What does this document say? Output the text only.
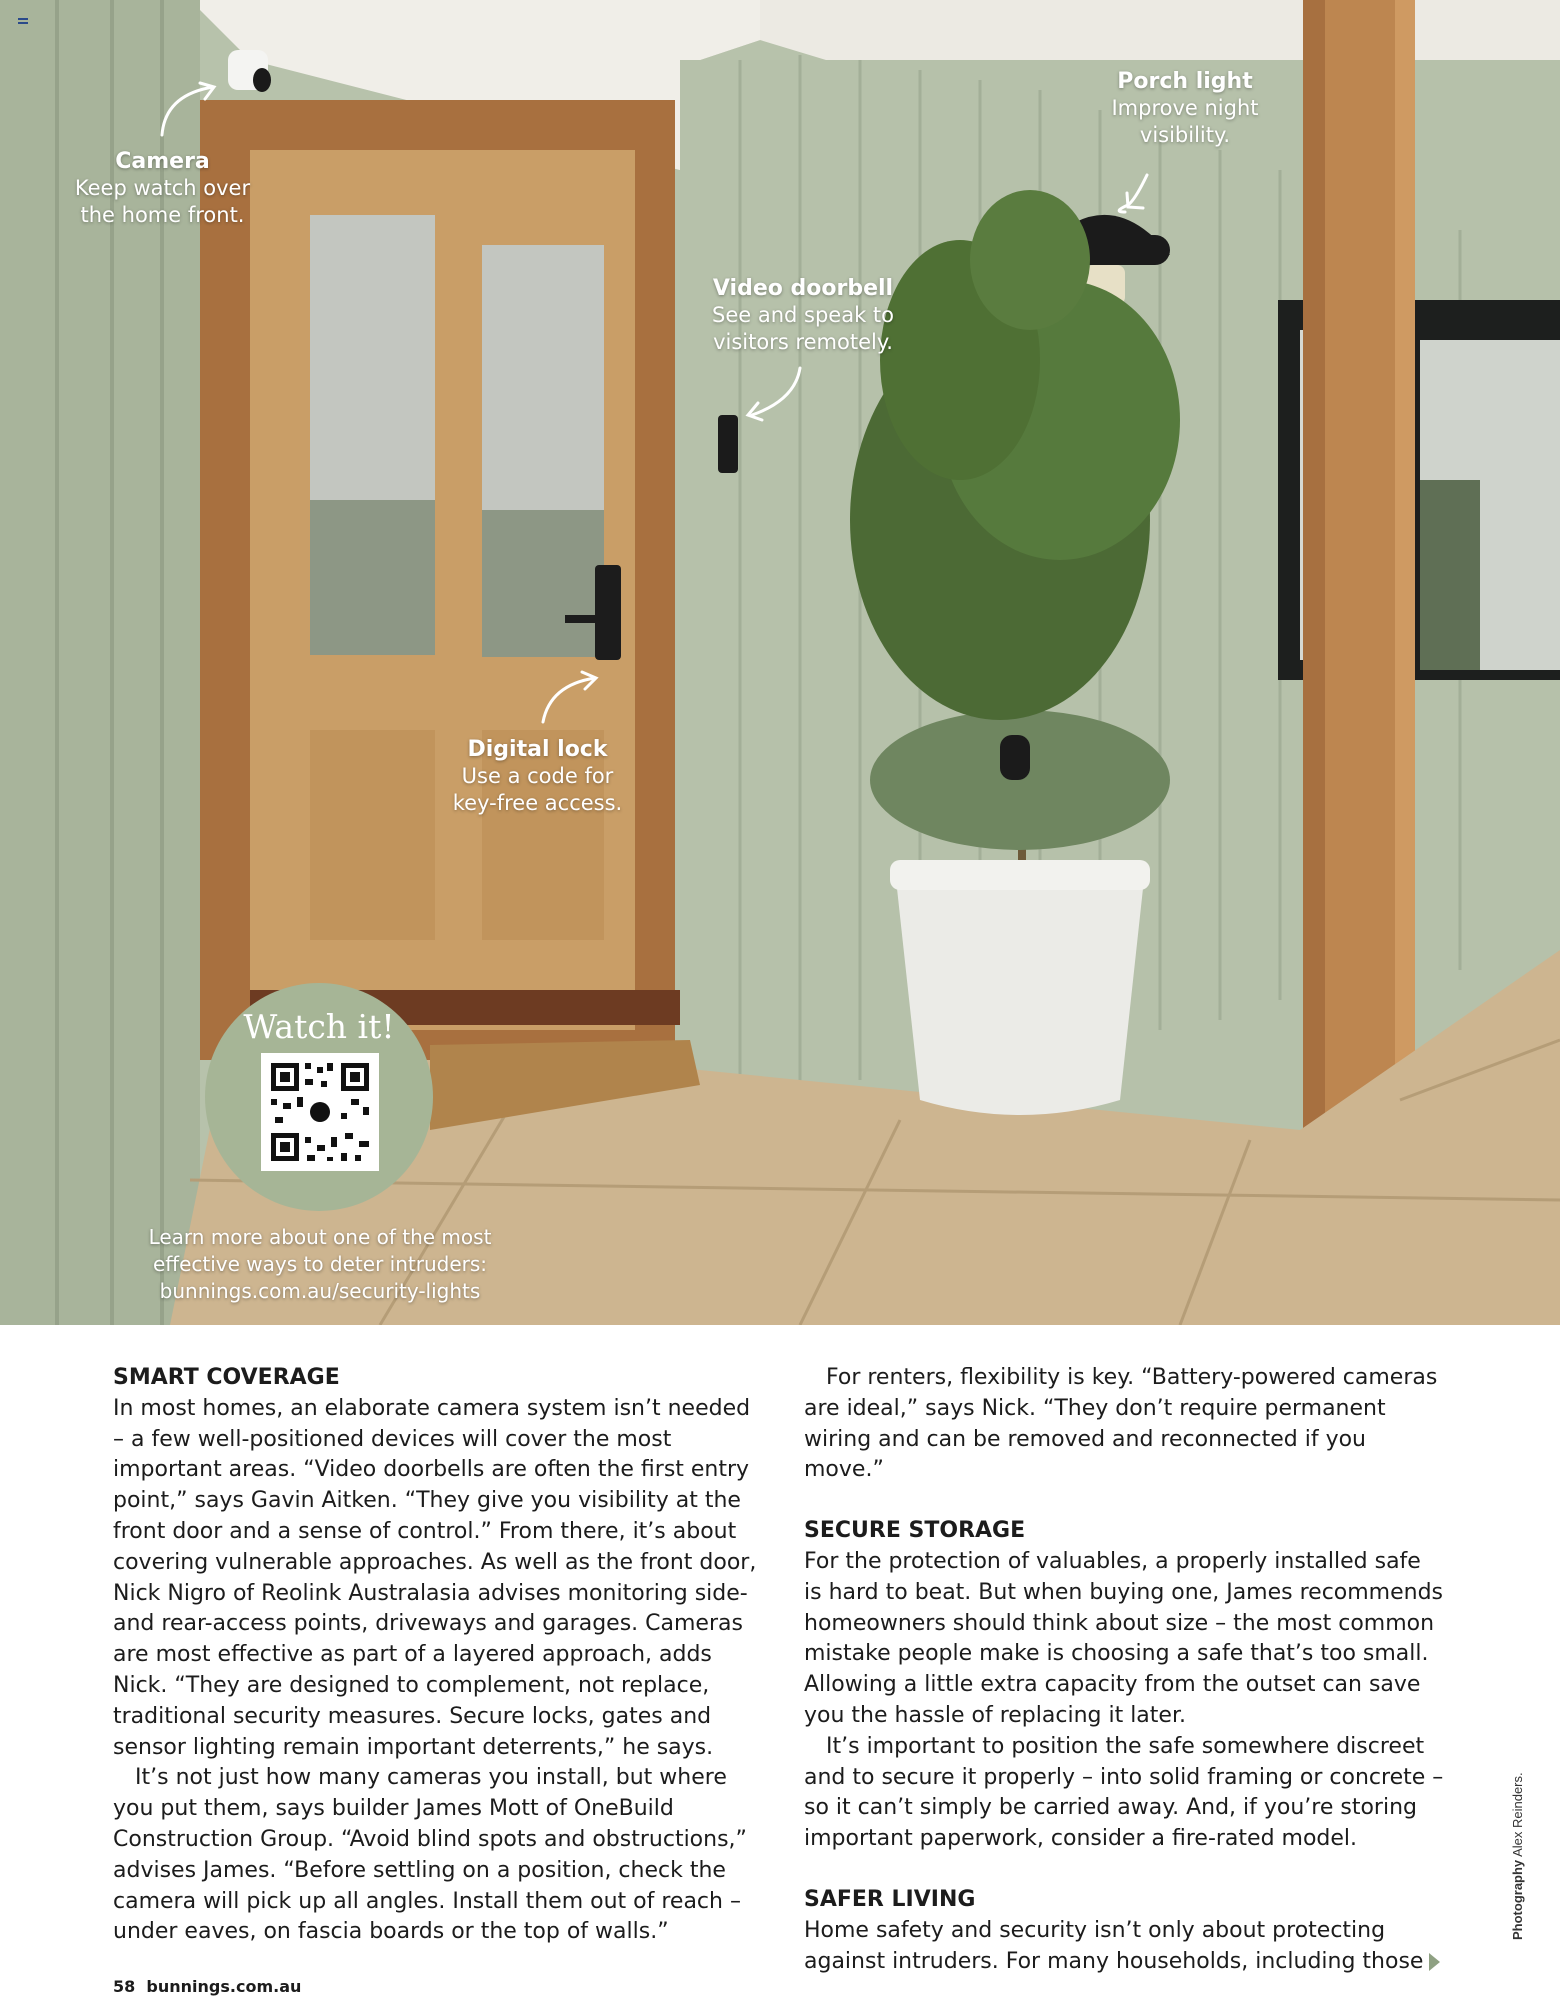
Camera
Keep watch over
the home front.
Porch light
Improve night
visibility.
Video doorbell
See and speak to
visitors remotely.
Digital lock
Use a code for
key-free access.
Watch it!
Learn more about one of the most
effective ways to deter intruders:
bunnings.com.au/security-lights
SMART COVERAGE

In most homes, an elaborate camera system isn’t needed – a few well-positioned devices will cover the most important areas. “Video doorbells are often the first entry point,” says Gavin Aitken. “They give you visibility at the front door and a sense of control.” From there, it’s about covering vulnerable approaches. As well as the front door, Nick Nigro of Reolink Australasia advises monitoring side- and rear-access points, driveways and garages. Cameras are most effective as part of a layered approach, adds Nick. “They are designed to complement, not replace, traditional security measures. Secure locks, gates and sensor lighting remain important deterrents,” he says.

It’s not just how many cameras you install, but where you put them, says builder James Mott of OneBuild Construction Group. “Avoid blind spots and obstructions,” advises James. “Before settling on a position, check the camera will pick up all angles. Install them out of reach – under eaves, on fascia boards or the top of walls.”

For renters, flexibility is key. “Battery-powered cameras are ideal,” says Nick. “They don’t require permanent wiring and can be removed and reconnected if you move.”

SECURE STORAGE

For the protection of valuables, a properly installed safe is hard to beat. But when buying one, James recommends homeowners should think about size – the most common mistake people make is choosing a safe that’s too small. Allowing a little extra capacity from the outset can save you the hassle of replacing it later.

It’s important to position the safe somewhere discreet and to secure it properly – into solid framing or concrete – so it can’t simply be carried away. And, if you’re storing important paperwork, consider a fire-rated model.

SAFER LIVING

Home safety and security isn’t only about protecting against intruders. For many households, including those

58 bunnings.com.au
Photography Alex Reinders.
